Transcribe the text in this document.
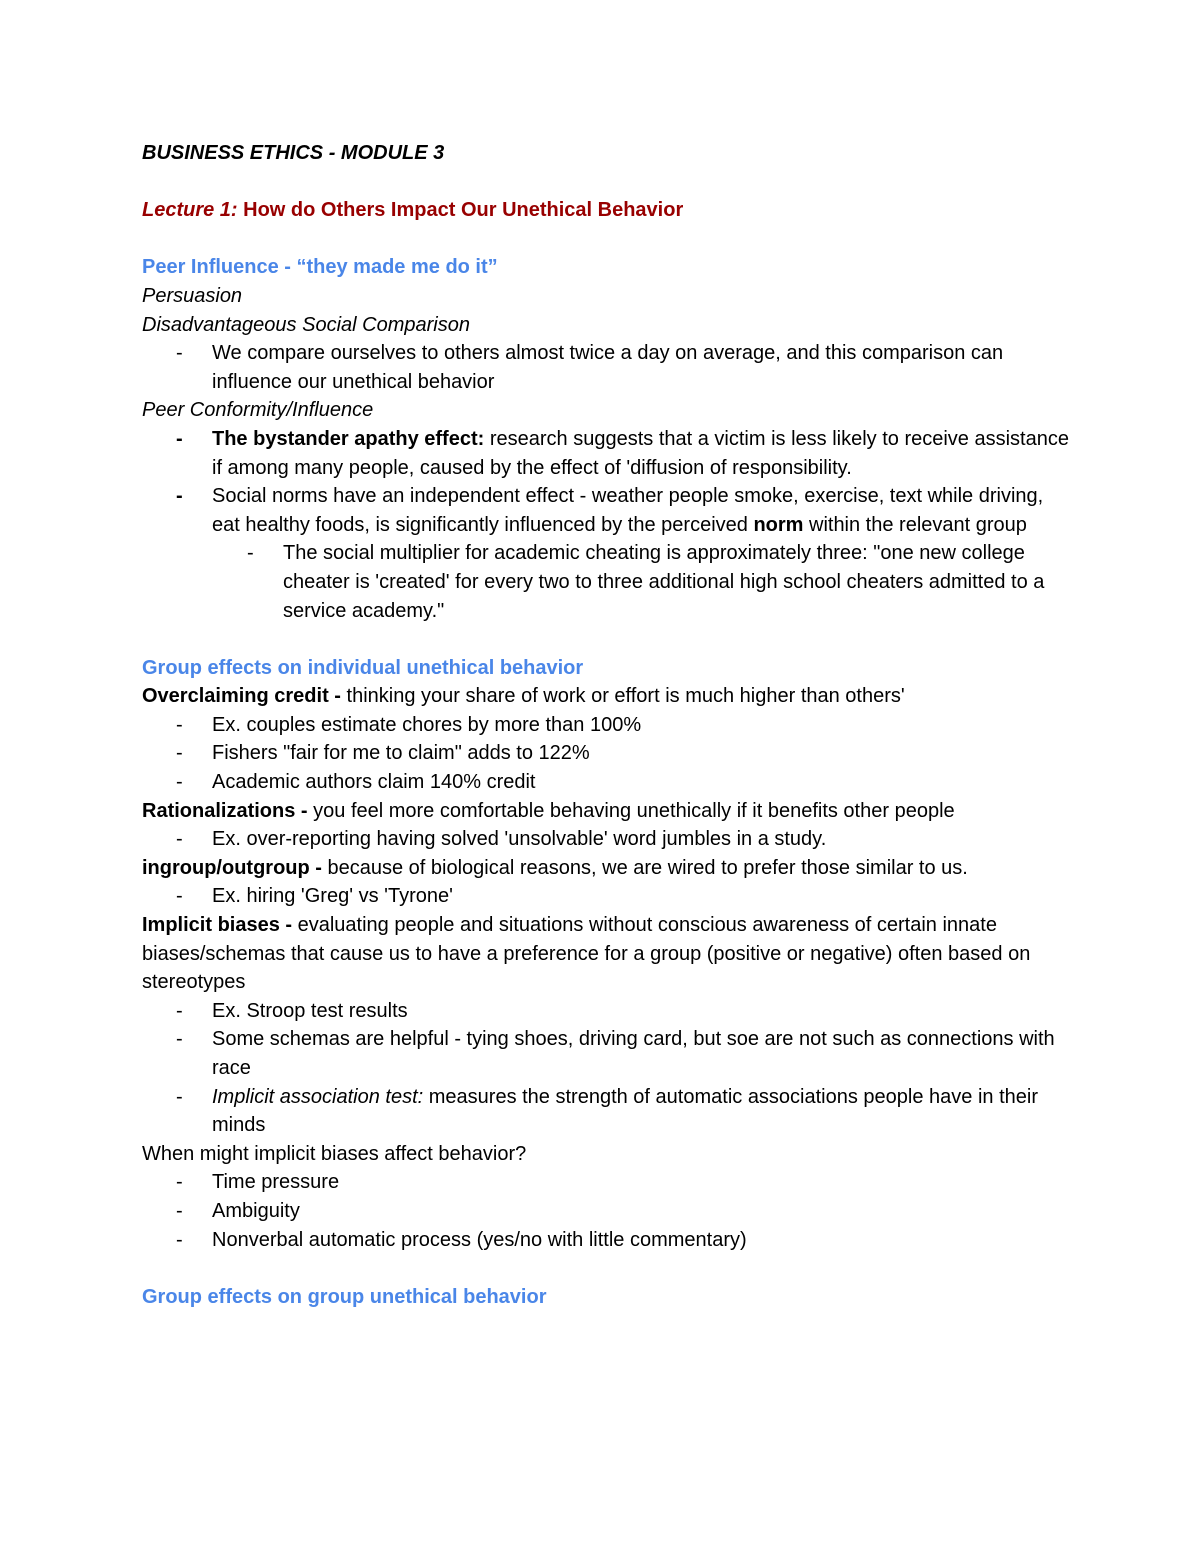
BUSINESS ETHICS - MODULE 3

Lecture 1: How do Others Impact Our Unethical Behavior

Peer Influence - “they made me do it”

Persuasion

Disadvantageous Social Comparison

- We compare ourselves to others almost twice a day on average, and this comparison can influence our unethical behavior

Peer Conformity/Influence

- The bystander apathy effect: research suggests that a victim is less likely to receive assistance if among many people, caused by the effect of 'diffusion of responsibility.
- Social norms have an independent effect - weather people smoke, exercise, text while driving, eat healthy foods, is significantly influenced by the perceived norm within the relevant group
- The social multiplier for academic cheating is approximately three: "one new college cheater is 'created' for every two to three additional high school cheaters admitted to a service academy."

Group effects on individual unethical behavior

Overclaiming credit - thinking your share of work or effort is much higher than others'

- Ex. couples estimate chores by more than 100%
- Fishers "fair for me to claim" adds to 122%
- Academic authors claim 140% credit

Rationalizations - you feel more comfortable behaving unethically if it benefits other people

- Ex. over-reporting having solved 'unsolvable' word jumbles in a study.

ingroup/outgroup - because of biological reasons, we are wired to prefer those similar to us.

- Ex. hiring 'Greg' vs 'Tyrone'

Implicit biases - evaluating people and situations without conscious awareness of certain innate biases/schemas that cause us to have a preference for a group (positive or negative) often based on stereotypes

- Ex. Stroop test results
- Some schemas are helpful - tying shoes, driving card, but soe are not such as connections with race
- Implicit association test: measures the strength of automatic associations people have in their minds

When might implicit biases affect behavior?

- Time pressure
- Ambiguity
- Nonverbal automatic process (yes/no with little commentary)

Group effects on group unethical behavior
